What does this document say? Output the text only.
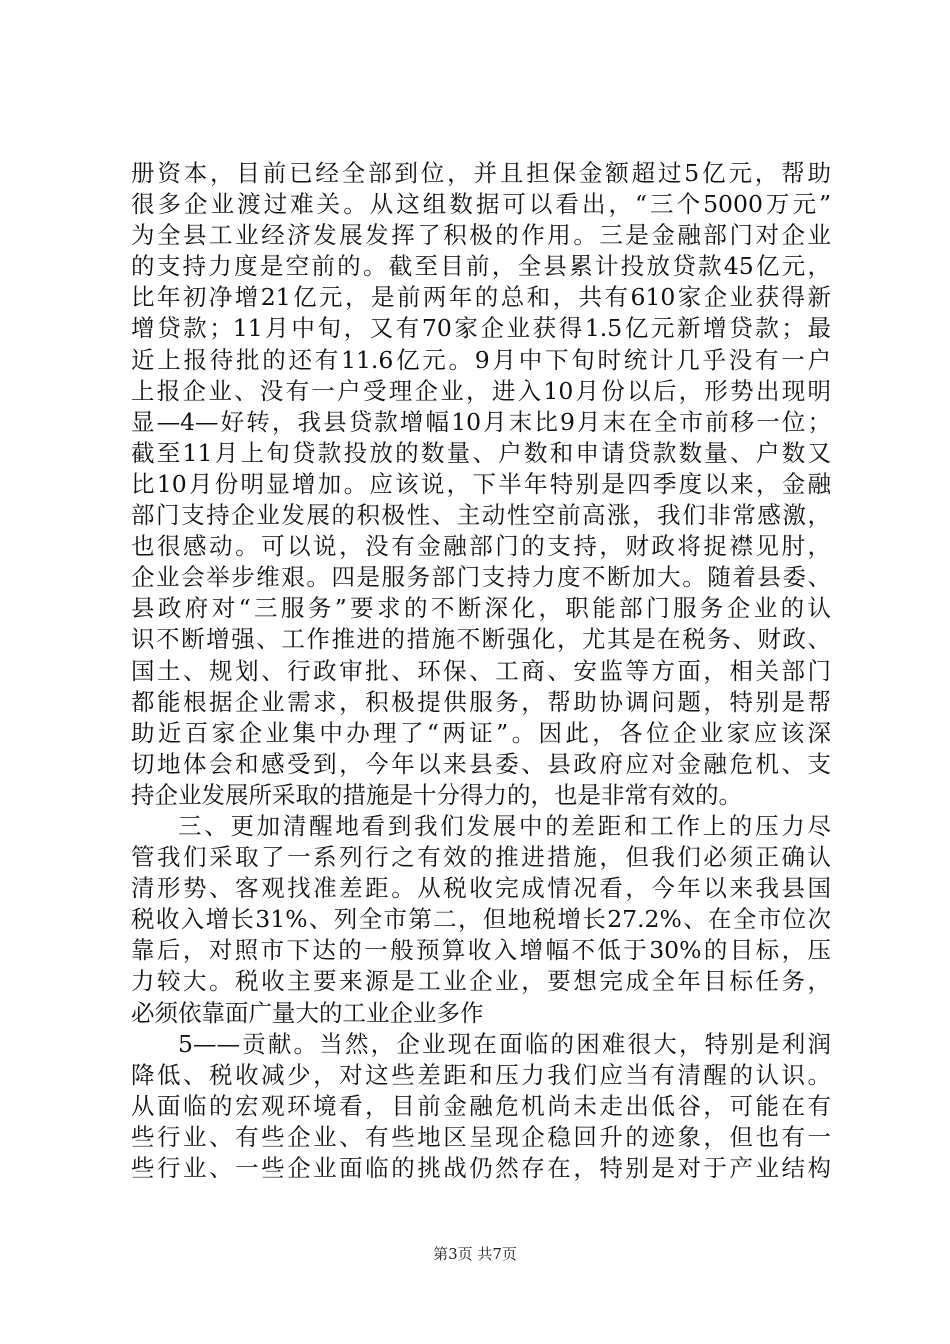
册资本，目前已经全部到位，并且担保金额超过5亿元，帮助
很多企业渡过难关。从这组数据可以看出，“三个5000万元”
为全县工业经济发展发挥了积极的作用。三是金融部门对企业
的支持力度是空前的。截至目前，全县累计投放贷款45亿元，
比年初净增21亿元，是前两年的总和，共有610家企业获得新
增贷款；11月中旬，又有70家企业获得1.5亿元新增贷款；最
近上报待批的还有11.6亿元。9月中下旬时统计几乎没有一户
上报企业、没有一户受理企业，进入10月份以后，形势出现明
显—4—好转，我县贷款增幅10月末比9月末在全市前移一位；
截至11月上旬贷款投放的数量、户数和申请贷款数量、户数又
比10月份明显增加。应该说，下半年特别是四季度以来，金融
部门支持企业发展的积极性、主动性空前高涨，我们非常感激，
也很感动。可以说，没有金融部门的支持，财政将捉襟见肘，
企业会举步维艰。四是服务部门支持力度不断加大。随着县委、
县政府对“三服务”要求的不断深化，职能部门服务企业的认
识不断增强、工作推进的措施不断强化，尤其是在税务、财政、
国土、规划、行政审批、环保、工商、安监等方面，相关部门
都能根据企业需求，积极提供服务，帮助协调问题，特别是帮
助近百家企业集中办理了“两证”。因此，各位企业家应该深
切地体会和感受到，今年以来县委、县政府应对金融危机、支
持企业发展所采取的措施是十分得力的，也是非常有效的。
三、更加清醒地看到我们发展中的差距和工作上的压力尽
管我们采取了一系列行之有效的推进措施，但我们必须正确认
清形势、客观找准差距。从税收完成情况看，今年以来我县国
税收入增长31%、列全市第二，但地税增长27.2%、在全市位次
靠后，对照市下达的一般预算收入增幅不低于30%的目标，压
力较大。税收主要来源是工业企业，要想完成全年目标任务，
必须依靠面广量大的工业企业多作
5——贡献。当然，企业现在面临的困难很大，特别是利润
降低、税收减少，对这些差距和压力我们应当有清醒的认识。
从面临的宏观环境看，目前金融危机尚未走出低谷，可能在有
些行业、有些企业、有些地区呈现企稳回升的迹象，但也有一
些行业、一些企业面临的挑战仍然存在，特别是对于产业结构
第3页 共7页
